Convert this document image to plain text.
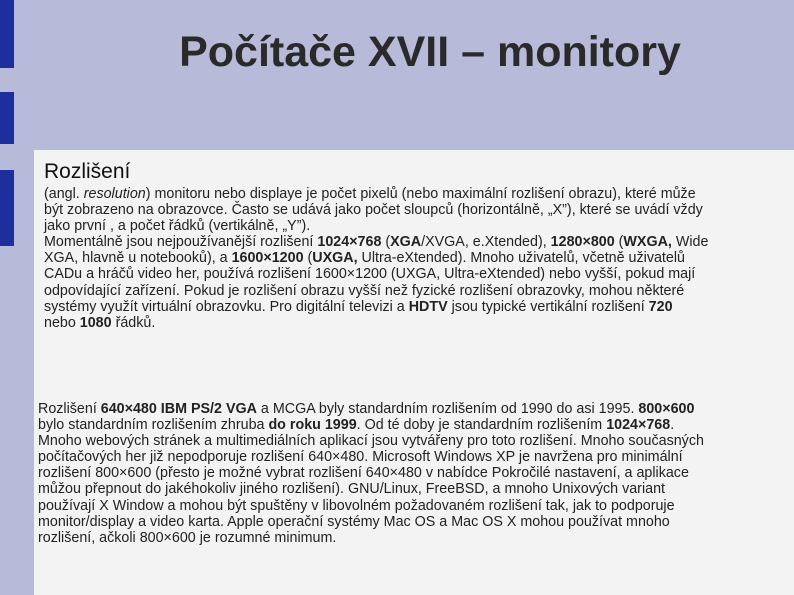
Počítače XVII – monitory
Rozlišení

(angl. resolution) monitoru nebo displaye je počet pixelů (nebo maximální rozlišení obrazu), které může
být zobrazeno na obrazovce. Často se udává jako počet sloupců (horizontálně, „X”), které se uvádí vždy
jako první , a počet řádků (vertikálně, „Y”).
Momentálně jsou nejpoužívanější rozlišení 1024×768 (XGA/XVGA, e.Xtended), 1280×800 (WXGA, Wide
XGA, hlavně u notebooků), a 1600×1200 (UXGA, Ultra-eXtended). Mnoho uživatelů, včetně uživatelů
CADu a hráčů video her, používá rozlišení 1600×1200 (UXGA, Ultra-eXtended) nebo vyšší, pokud mají
odpovídající zařízení. Pokud je rozlišení obrazu vyšší než fyzické rozlišení obrazovky, mohou některé
systémy využít virtuální obrazovku. Pro digitální televizi a HDTV jsou typické vertikální rozlišení 720
nebo 1080 řádků.

Rozlišení 640×480 IBM PS/2 VGA a MCGA byly standardním rozlišením od 1990 do asi 1995. 800×600
bylo standardním rozlišením zhruba do roku 1999. Od té doby je standardním rozlišením 1024×768.
Mnoho webových stránek a multimediálních aplikací jsou vytvářeny pro toto rozlišení. Mnoho současných
počítačových her již nepodporuje rozlišení 640×480. Microsoft Windows XP je navržena pro minimální
rozlišení 800×600 (přesto je možné vybrat rozlišení 640×480 v nabídce Pokročilé nastavení, a aplikace
můžou přepnout do jakéhokoliv jiného rozlišení). GNU/Linux, FreeBSD, a mnoho Unixových variant
používají X Window a mohou být spuštěny v libovolném požadovaném rozlišení tak, jak to podporuje
monitor/display a video karta. Apple operační systémy Mac OS a Mac OS X mohou používat mnoho
rozlišení, ačkoli 800×600 je rozumné minimum.
